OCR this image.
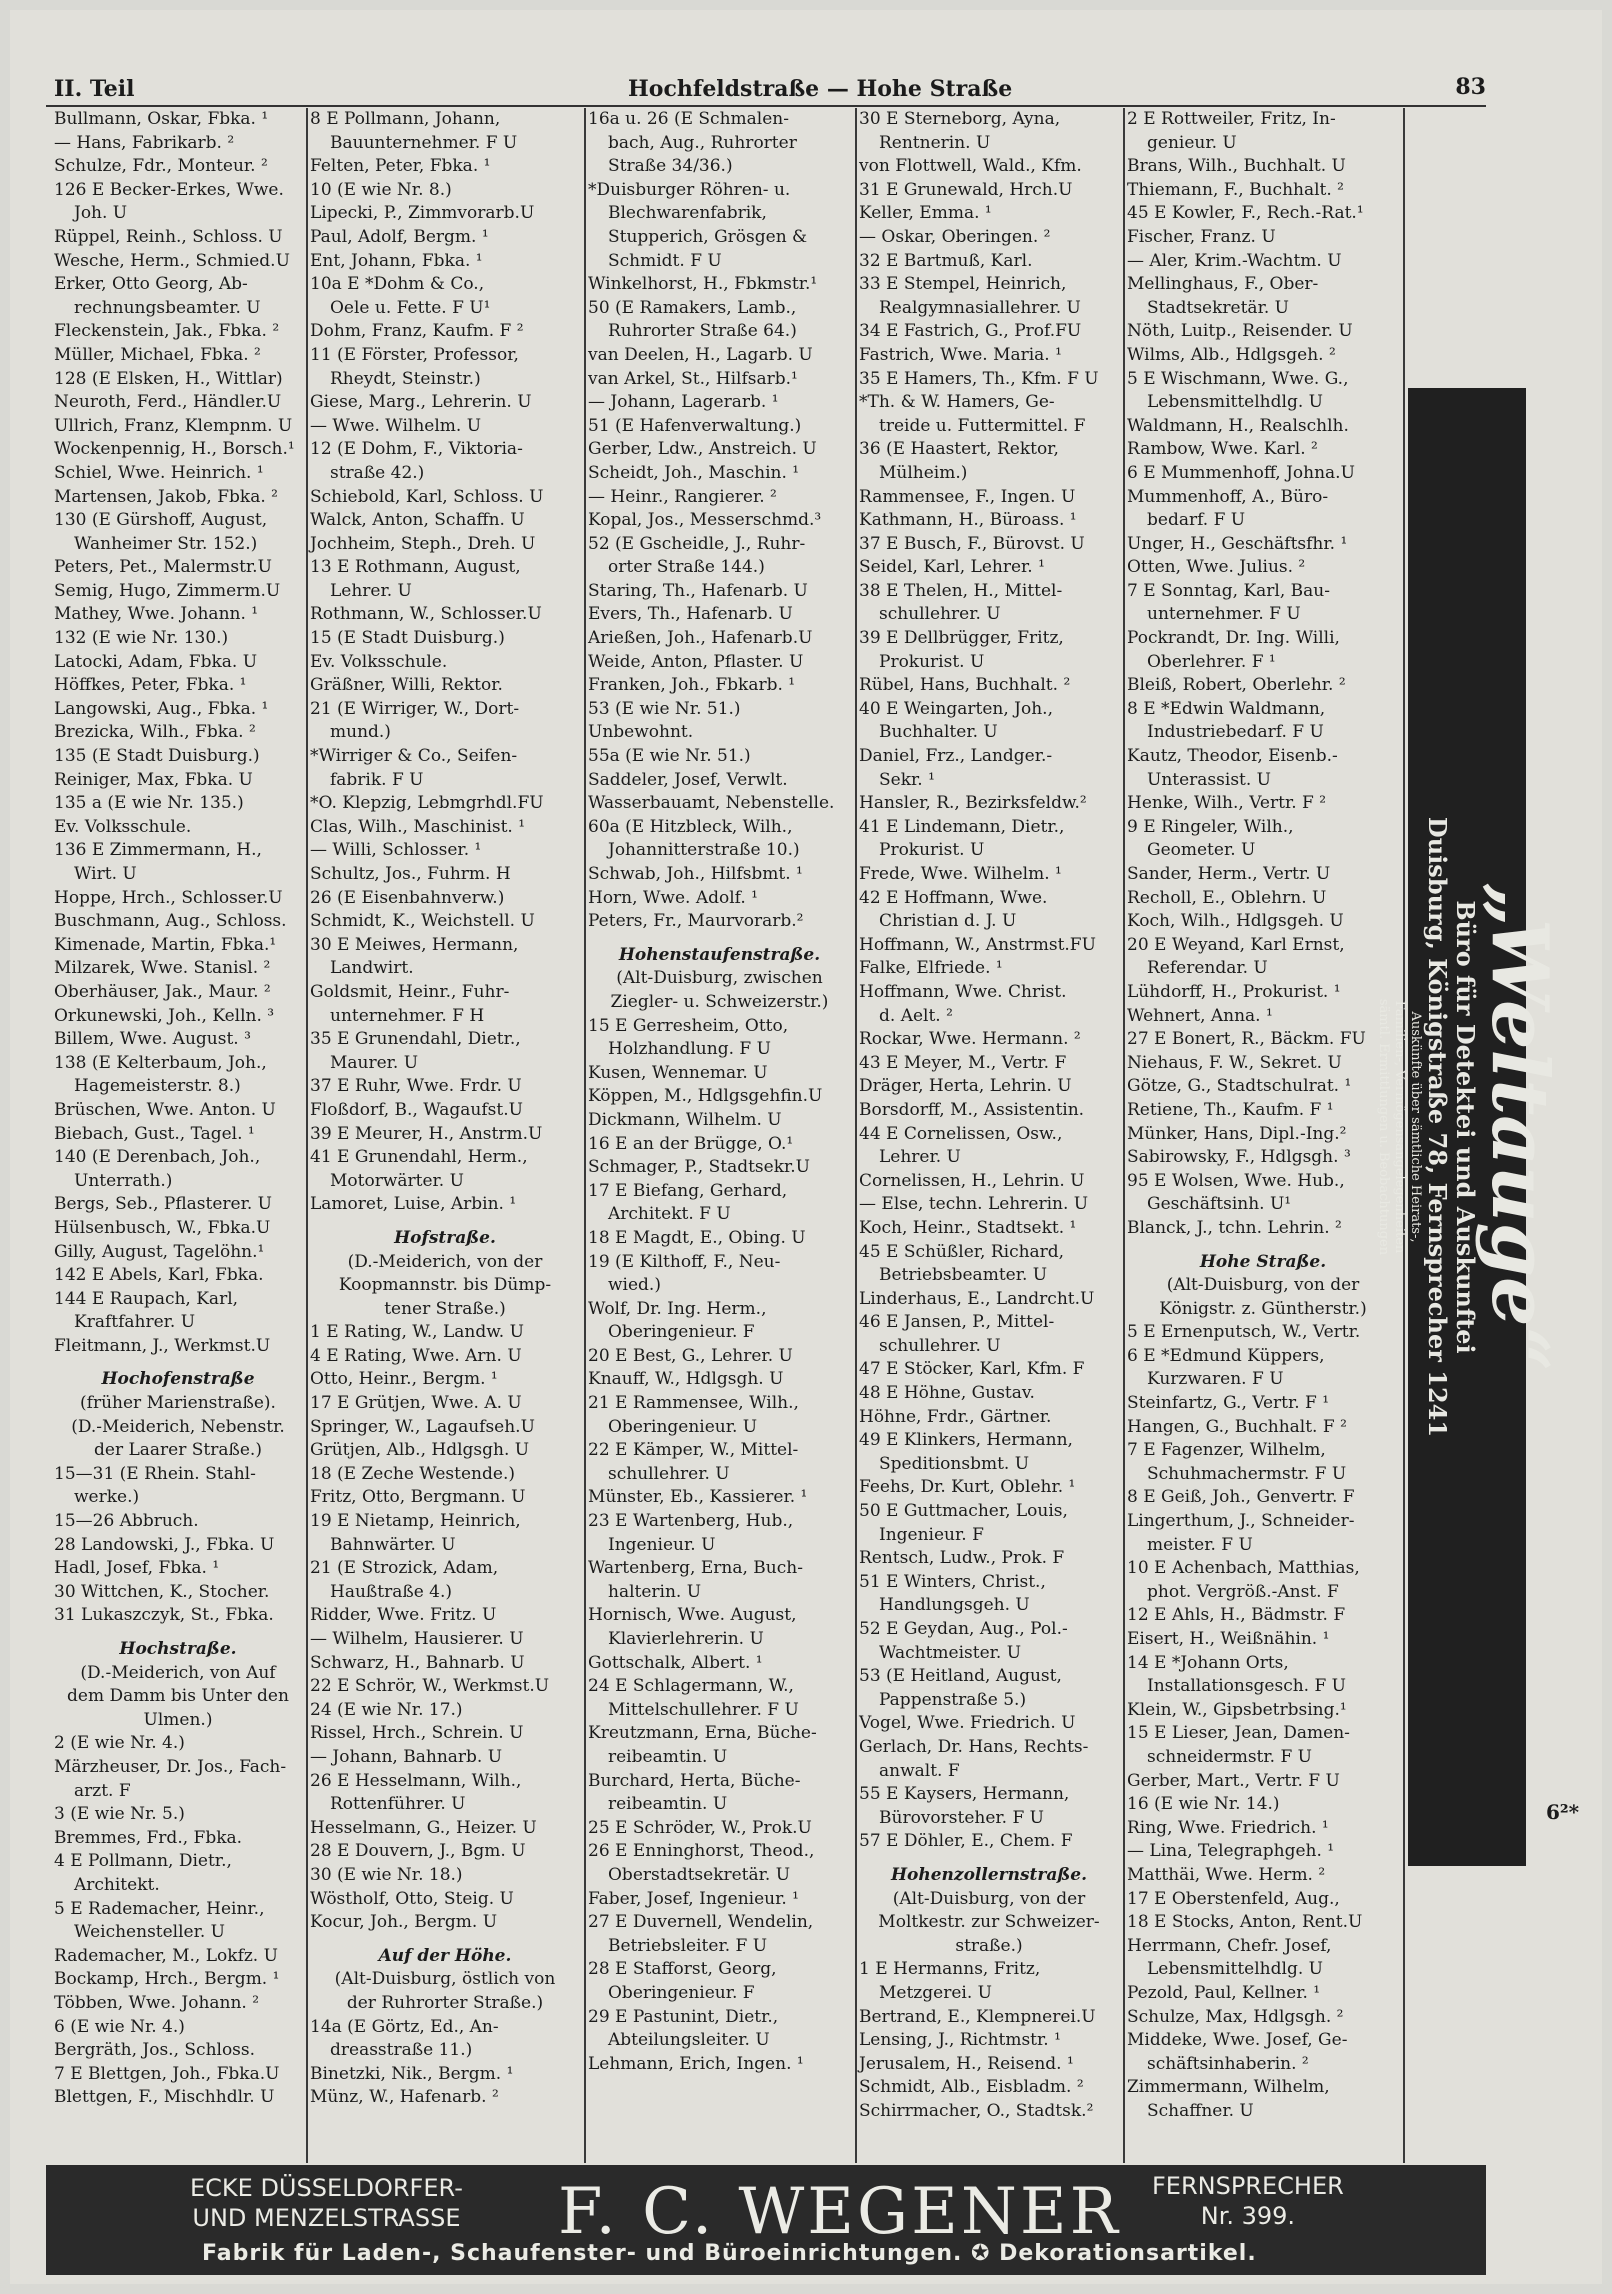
II. Teil	Hochfeldstraße — Hohe Straße	83
Bullmann, Oskar, Fbka. ¹
— Hans, Fabrikarb. ²
Schulze, Fdr., Monteur. ²
126 E Becker-Erkes, Wwe.
Joh. U
Rüppel, Reinh., Schloss. U
Wesche, Herm., Schmied.U
Erker, Otto Georg, Ab-
rechnungsbeamter. U
Fleckenstein, Jak., Fbka. ²
Müller, Michael, Fbka. ²
128 (E Elsken, H., Wittlar)
Neuroth, Ferd., Händler.U
Ullrich, Franz, Klempnm. U
Wockenpennig, H., Borsch.¹
Schiel, Wwe. Heinrich. ¹
Martensen, Jakob, Fbka. ²
130 (E Gürshoff, August,
Wanheimer Str. 152.)
Peters, Pet., Malermstr.U
Semig, Hugo, Zimmerm.U
Mathey, Wwe. Johann. ¹
132 (E wie Nr. 130.)
Latocki, Adam, Fbka. U
Höffkes, Peter, Fbka. ¹
Langowski, Aug., Fbka. ¹
Brezicka, Wilh., Fbka. ²
135 (E Stadt Duisburg.)
Reiniger, Max, Fbka. U
135 a (E wie Nr. 135.)
Ev. Volksschule.
136 E Zimmermann, H.,
Wirt. U
Hoppe, Hrch., Schlosser.U
Buschmann, Aug., Schloss.
Kimenade, Martin, Fbka.¹
Milzarek, Wwe. Stanisl. ²
Oberhäuser, Jak., Maur. ²
Orkunewski, Joh., Kelln. ³
Billem, Wwe. August. ³
138 (E Kelterbaum, Joh.,
Hagemeisterstr. 8.)
Brüschen, Wwe. Anton. U
Biebach, Gust., Tagel. ¹
140 (E Derenbach, Joh.,
Unterrath.)
Bergs, Seb., Pflasterer. U
Hülsenbusch, W., Fbka.U
Gilly, August, Tagelöhn.¹
142 E Abels, Karl, Fbka.
144 E Raupach, Karl,
Kraftfahrer. U
Fleitmann, J., Werkmst.U
Hochofenstraße
(früher Marienstraße).
(D.-Meiderich, Nebenstr.
der Laarer Straße.)
15—31 (E Rhein. Stahl-
werke.)
15—26 Abbruch.
28 Landowski, J., Fbka. U
Hadl, Josef, Fbka. ¹
30 Wittchen, K., Stocher.
31 Lukaszczyk, St., Fbka.
Hochstraße.
(D.-Meiderich, von Auf
dem Damm bis Unter den
Ulmen.)
2 (E wie Nr. 4.)
Märzheuser, Dr. Jos., Fach-
arzt. F
3 (E wie Nr. 5.)
Bremmes, Frd., Fbka.
4 E Pollmann, Dietr.,
Architekt.
5 E Rademacher, Heinr.,
Weichensteller. U
Rademacher, M., Lokfz. U
Bockamp, Hrch., Bergm. ¹
Többen, Wwe. Johann. ²
6 (E wie Nr. 4.)
Bergräth, Jos., Schloss.
7 E Blettgen, Joh., Fbka.U
Blettgen, F., Mischhdlr. U
8 E Pollmann, Johann,
Bauunternehmer. F U
Felten, Peter, Fbka. ¹
10 (E wie Nr. 8.)
Lipecki, P., Zimmvorarb.U
Paul, Adolf, Bergm. ¹
Ent, Johann, Fbka. ¹
10a E *Dohm & Co.,
Oele u. Fette. F U¹
Dohm, Franz, Kaufm. F ²
11 (E Förster, Professor,
Rheydt, Steinstr.)
Giese, Marg., Lehrerin. U
— Wwe. Wilhelm. U
12 (E Dohm, F., Viktoria-
straße 42.)
Schiebold, Karl, Schloss. U
Walck, Anton, Schaffn. U
Jochheim, Steph., Dreh. U
13 E Rothmann, August,
Lehrer. U
Rothmann, W., Schlosser.U
15 (E Stadt Duisburg.)
Ev. Volksschule.
Gräßner, Willi, Rektor.
21 (E Wirriger, W., Dort-
mund.)
*Wirriger & Co., Seifen-
fabrik. F U
*O. Klepzig, Lebmgrhdl.FU
Clas, Wilh., Maschinist. ¹
— Willi, Schlosser. ¹
Schultz, Jos., Fuhrm. H
26 (E Eisenbahnverw.)
Schmidt, K., Weichstell. U
30 E Meiwes, Hermann,
Landwirt.
Goldsmit, Heinr., Fuhr-
unternehmer. F H
35 E Grunendahl, Dietr.,
Maurer. U
37 E Ruhr, Wwe. Frdr. U
Floßdorf, B., Wagaufst.U
39 E Meurer, H., Anstrm.U
41 E Grunendahl, Herm.,
Motorwärter. U
Lamoret, Luise, Arbin. ¹
Hofstraße.
(D.-Meiderich, von der
Koopmannstr. bis Dümp-
tener Straße.)
1 E Rating, W., Landw. U
4 E Rating, Wwe. Arn. U
Otto, Heinr., Bergm. ¹
17 E Grütjen, Wwe. A. U
Springer, W., Lagaufseh.U
Grütjen, Alb., Hdlgsgh. U
18 (E Zeche Westende.)
Fritz, Otto, Bergmann. U
19 E Nietamp, Heinrich,
Bahnwärter. U
21 (E Strozick, Adam,
Haußtraße 4.)
Ridder, Wwe. Fritz. U
— Wilhelm, Hausierer. U
Schwarz, H., Bahnarb. U
22 E Schrör, W., Werkmst.U
24 (E wie Nr. 17.)
Rissel, Hrch., Schrein. U
— Johann, Bahnarb. U
26 E Hesselmann, Wilh.,
Rottenführer. U
Hesselmann, G., Heizer. U
28 E Douvern, J., Bgm. U
30 (E wie Nr. 18.)
Wöstholf, Otto, Steig. U
Kocur, Joh., Bergm. U
Auf der Höhe.
(Alt-Duisburg, östlich von
der Ruhrorter Straße.)
14a (E Görtz, Ed., An-
dreasstraße 11.)
Binetzki, Nik., Bergm. ¹
Münz, W., Hafenarb. ²
16a u. 26 (E Schmalen-
bach, Aug., Ruhrorter
Straße 34/36.)
*Duisburger Röhren- u.
Blechwarenfabrik,
Stupperich, Grösgen &
Schmidt. F U
Winkelhorst, H., Fbkmstr.¹
50 (E Ramakers, Lamb.,
Ruhrorter Straße 64.)
van Deelen, H., Lagarb. U
van Arkel, St., Hilfsarb.¹
— Johann, Lagerarb. ¹
51 (E Hafenverwaltung.)
Gerber, Ldw., Anstreich. U
Scheidt, Joh., Maschin. ¹
— Heinr., Rangierer. ²
Kopal, Jos., Messerschmd.³
52 (E Gscheidle, J., Ruhr-
orter Straße 144.)
Staring, Th., Hafenarb. U
Evers, Th., Hafenarb. U
Arießen, Joh., Hafenarb.U
Weide, Anton, Pflaster. U
Franken, Joh., Fbkarb. ¹
53 (E wie Nr. 51.)
Unbewohnt.
55a (E wie Nr. 51.)
Saddeler, Josef, Verwlt.
Wasserbauamt, Nebenstelle.
60a (E Hitzbleck, Wilh.,
Johannitterstraße 10.)
Schwab, Joh., Hilfsbmt. ¹
Horn, Wwe. Adolf. ¹
Peters, Fr., Maurvorarb.²
Hohenstaufenstraße.
(Alt-Duisburg, zwischen
Ziegler- u. Schweizerstr.)
15 E Gerresheim, Otto,
Holzhandlung. F U
Kusen, Wennemar. U
Köppen, M., Hdlgsgehfin.U
Dickmann, Wilhelm. U
16 E an der Brügge, O.¹
Schmager, P., Stadtsekr.U
17 E Biefang, Gerhard,
Architekt. F U
18 E Magdt, E., Obing. U
19 (E Kilthoff, F., Neu-
wied.)
Wolf, Dr. Ing. Herm.,
Oberingenieur. F
20 E Best, G., Lehrer. U
Knauff, W., Hdlgsgh. U
21 E Rammensee, Wilh.,
Oberingenieur. U
22 E Kämper, W., Mittel-
schullehrer. U
Münster, Eb., Kassierer. ¹
23 E Wartenberg, Hub.,
Ingenieur. U
Wartenberg, Erna, Buch-
halterin. U
Hornisch, Wwe. August,
Klavierlehrerin. U
Gottschalk, Albert. ¹
24 E Schlagermann, W.,
Mittelschullehrer. F U
Kreutzmann, Erna, Büche-
reibeamtin. U
Burchard, Herta, Büche-
reibeamtin. U
25 E Schröder, W., Prok.U
26 E Enninghorst, Theod.,
Oberstadtsekretär. U
Faber, Josef, Ingenieur. ¹
27 E Duvernell, Wendelin,
Betriebsleiter. F U
28 E Stafforst, Georg,
Oberingenieur. F
29 E Pastunint, Dietr.,
Abteilungsleiter. U
Lehmann, Erich, Ingen. ¹
30 E Sterneborg, Ayna,
Rentnerin. U
von Flottwell, Wald., Kfm.
31 E Grunewald, Hrch.U
Keller, Emma. ¹
— Oskar, Oberingen. ²
32 E Bartmuß, Karl.
33 E Stempel, Heinrich,
Realgymnasiallehrer. U
34 E Fastrich, G., Prof.FU
Fastrich, Wwe. Maria. ¹
35 E Hamers, Th., Kfm. F U
*Th. & W. Hamers, Ge-
treide u. Futtermittel. F
36 (E Haastert, Rektor,
Mülheim.)
Rammensee, F., Ingen. U
Kathmann, H., Büroass. ¹
37 E Busch, F., Bürovst. U
Seidel, Karl, Lehrer. ¹
38 E Thelen, H., Mittel-
schullehrer. U
39 E Dellbrügger, Fritz,
Prokurist. U
Rübel, Hans, Buchhalt. ²
40 E Weingarten, Joh.,
Buchhalter. U
Daniel, Frz., Landger.-
Sekr. ¹
Hansler, R., Bezirksfeldw.²
41 E Lindemann, Dietr.,
Prokurist. U
Frede, Wwe. Wilhelm. ¹
42 E Hoffmann, Wwe.
Christian d. J. U
Hoffmann, W., Anstrmst.FU
Falke, Elfriede. ¹
Hoffmann, Wwe. Christ.
d. Aelt. ²
Rockar, Wwe. Hermann. ²
43 E Meyer, M., Vertr. F
Dräger, Herta, Lehrin. U
Borsdorff, M., Assistentin.
44 E Cornelissen, Osw.,
Lehrer. U
Cornelissen, H., Lehrin. U
— Else, techn. Lehrerin. U
Koch, Heinr., Stadtsekt. ¹
45 E Schüßler, Richard,
Betriebsbeamter. U
Linderhaus, E., Landrcht.U
46 E Jansen, P., Mittel-
schullehrer. U
47 E Stöcker, Karl, Kfm. F
48 E Höhne, Gustav.
Höhne, Frdr., Gärtner.
49 E Klinkers, Hermann,
Speditionsbmt. U
Feehs, Dr. Kurt, Oblehr. ¹
50 E Guttmacher, Louis,
Ingenieur. F
Rentsch, Ludw., Prok. F
51 E Winters, Christ.,
Handlungsgeh. U
52 E Geydan, Aug., Pol.-
Wachtmeister. U
53 (E Heitland, August,
Pappenstraße 5.)
Vogel, Wwe. Friedrich. U
Gerlach, Dr. Hans, Rechts-
anwalt. F
55 E Kaysers, Hermann,
Bürovorsteher. F U
57 E Döhler, E., Chem. F
Hohenzollernstraße.
(Alt-Duisburg, von der
Moltkestr. zur Schweizer-
straße.)
1 E Hermanns, Fritz,
Metzgerei. U
Bertrand, E., Klempnerei.U
Lensing, J., Richtmstr. ¹
Jerusalem, H., Reisend. ¹
Schmidt, Alb., Eisbladm. ²
Schirrmacher, O., Stadtsk.²
2 E Rottweiler, Fritz, In-
genieur. U
Brans, Wilh., Buchhalt. U
Thiemann, F., Buchhalt. ²
45 E Kowler, F., Rech.-Rat.¹
Fischer, Franz. U
— Aler, Krim.-Wachtm. U
Mellinghaus, F., Ober-
Stadtsekretär. U
Nöth, Luitp., Reisender. U
Wilms, Alb., Hdlgsgeh. ²
5 E Wischmann, Wwe. G.,
Lebensmittelhdlg. U
Waldmann, H., Realschlh.
Rambow, Wwe. Karl. ²
6 E Mummenhoff, Johna.U
Mummenhoff, A., Büro-
bedarf. F U
Unger, H., Geschäftsfhr. ¹
Otten, Wwe. Julius. ²
7 E Sonntag, Karl, Bau-
unternehmer. F U
Pockrandt, Dr. Ing. Willi,
Oberlehrer. F ¹
Bleiß, Robert, Oberlehr. ²
8 E *Edwin Waldmann,
Industriebedarf. F U
Kautz, Theodor, Eisenb.-
Unterassist. U
Henke, Wilh., Vertr. F ²
9 E Ringeler, Wilh.,
Geometer. U
Sander, Herm., Vertr. U
Recholl, E., Oblehrn. U
Koch, Wilh., Hdlgsgeh. U
20 E Weyand, Karl Ernst,
Referendar. U
Lühdorff, H., Prokurist. ¹
Wehnert, Anna. ¹
27 E Bonert, R., Bäckm. FU
Niehaus, F. W., Sekret. U
Götze, G., Stadtschulrat. ¹
Retiene, Th., Kaufm. F ¹
Münker, Hans, Dipl.-Ing.²
Sabirowsky, F., Hdlgsgh. ³
95 E Wolsen, Wwe. Hub.,
Geschäftsinh. U¹
Blanck, J., tchn. Lehrin. ²
Hohe Straße.
(Alt-Duisburg, von der
Königstr. z. Güntherstr.)
5 E Ernenputsch, W., Vertr.
6 E *Edmund Küppers,
Kurzwaren. F U
Steinfartz, G., Vertr. F ¹
Hangen, G., Buchhalt. F ²
7 E Fagenzer, Wilhelm,
Schuhmachermstr. F U
8 E Geiß, Joh., Genvertr. F
Lingerthum, J., Schneider-
meister. F U
10 E Achenbach, Matthias,
phot. Vergröß.-Anst. F
12 E Ahls, H., Bädmstr. F
Eisert, H., Weißnähin. ¹
14 E *Johann Orts,
Installationsgesch. F U
Klein, W., Gipsbetrbsing.¹
15 E Lieser, Jean, Damen-
schneidermstr. F U
Gerber, Mart., Vertr. F U
16 (E wie Nr. 14.)
Ring, Wwe. Friedrich. ¹
— Lina, Telegraphgeh. ¹
Matthäi, Wwe. Herm. ²
17 E Oberstenfeld, Aug.,
18 E Stocks, Anton, Rent.U
Herrmann, Chefr. Josef,
Lebensmittelhdlg. U
Pezold, Paul, Kellner. ¹
Schulze, Max, Hdlgsgh. ²
Middeke, Wwe. Josef, Ge-
schäftsinhaberin. ²
Zimmermann, Wilhelm,
Schaffner. U
„Weltauge“
Büro für Detektei und Auskunftei
Duisburg, Königstraße 78, Fernsprecher 1241
Auskünfte über sämtliche Heirats-,
Familien-, Vermögensangelegenheiten
sämtl. Ermittlungen u. Beobachtungen
6²*
ECKE DÜSSELDORFER-
UND MENZELSTRASSE F. C. WEGENER FERNSPRECHER
Nr. 399.
Fabrik für Laden-, Schaufenster- und Büroeinrichtungen. ✪ Dekorationsartikel.
